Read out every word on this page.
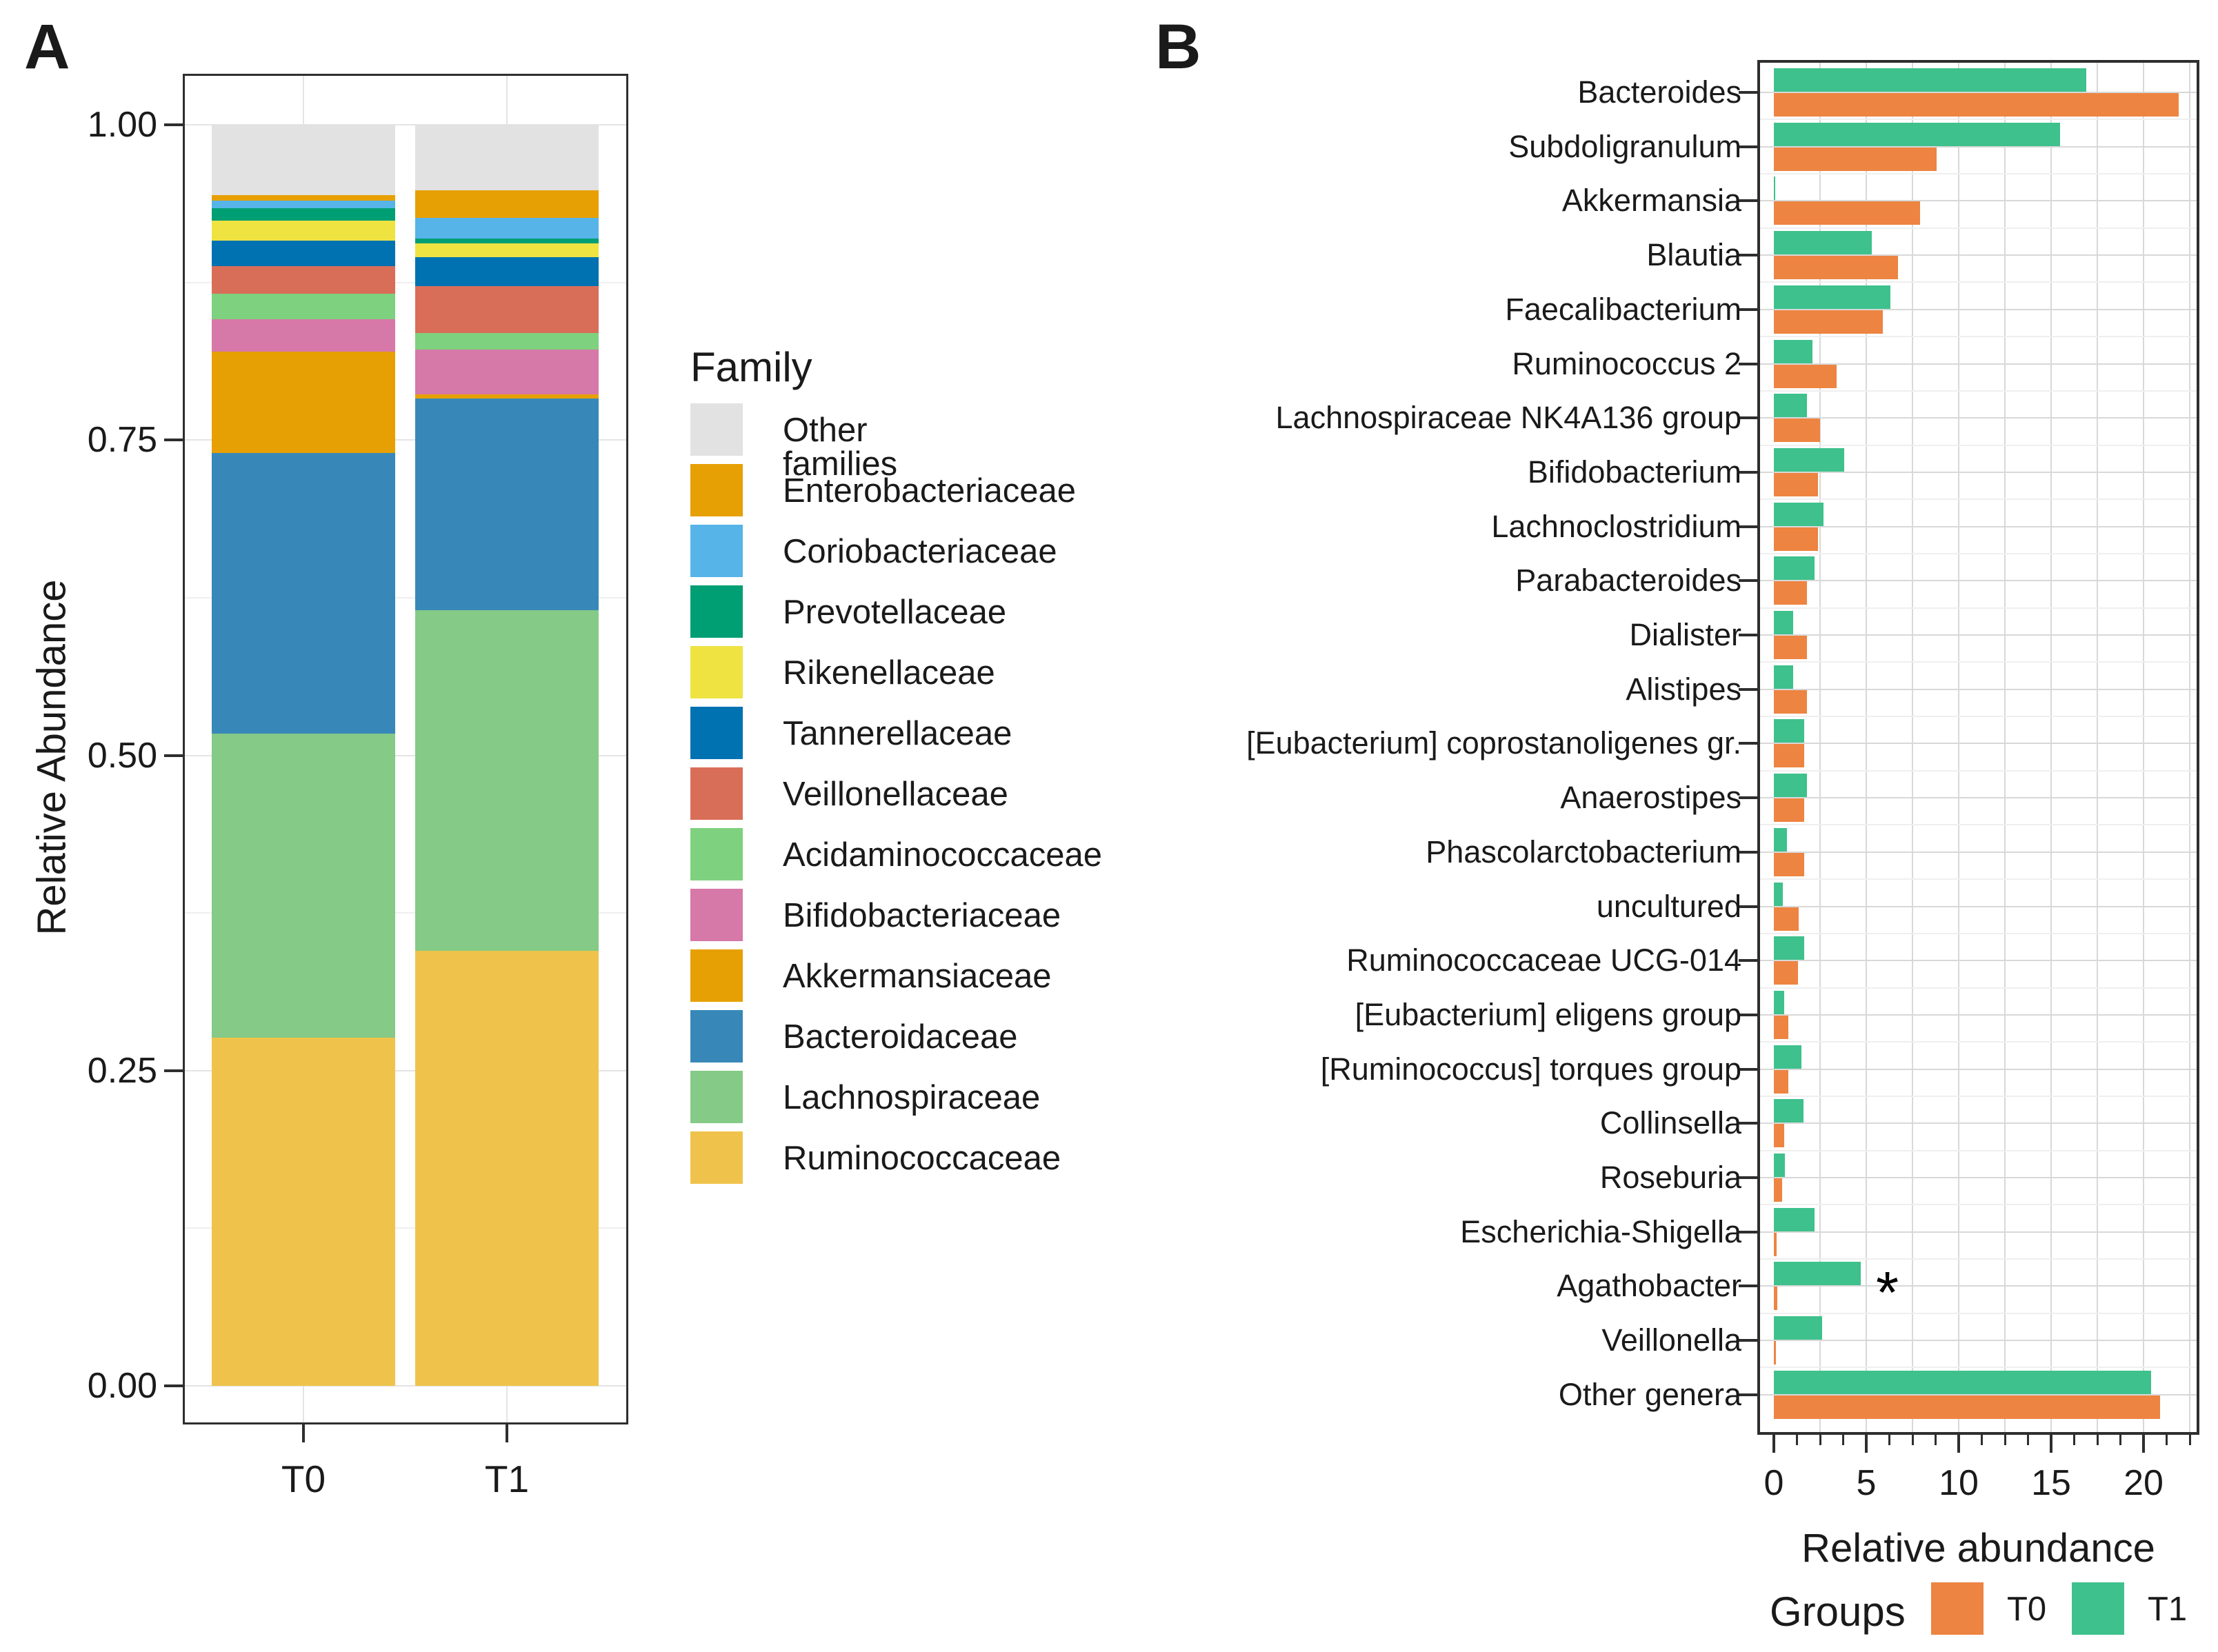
A	B
Relative Abundance
0.00
0.25
0.50
0.75
1.00
T0	T1
Family
Other families
Enterobacteriaceae
Coriobacteriaceae
Prevotellaceae
Rikenellaceae
Tannerellaceae
Veillonellaceae
Acidaminococcaceae
Bifidobacteriaceae
Akkermansiaceae
Bacteroidaceae
Lachnospiraceae
Ruminococcaceae
0	5	10	15	20
Bacteroides
Subdoligranulum
Akkermansia
Blautia
Faecalibacterium
Ruminococcus 2
Lachnospiraceae NK4A136 group
Bifidobacterium
Lachnoclostridium
Parabacteroides
Dialister
Alistipes
[Eubacterium] coprostanoligenes gr.
Anaerostipes
Phascolarctobacterium
uncultured
Ruminococcaceae UCG-014
[Eubacterium] eligens group
[Ruminococcus] torques group
Collinsella
Roseburia
Escherichia-Shigella
Agathobacter
Veillonella
Other genera
Relative abundance
*
Groups	T0	T1
